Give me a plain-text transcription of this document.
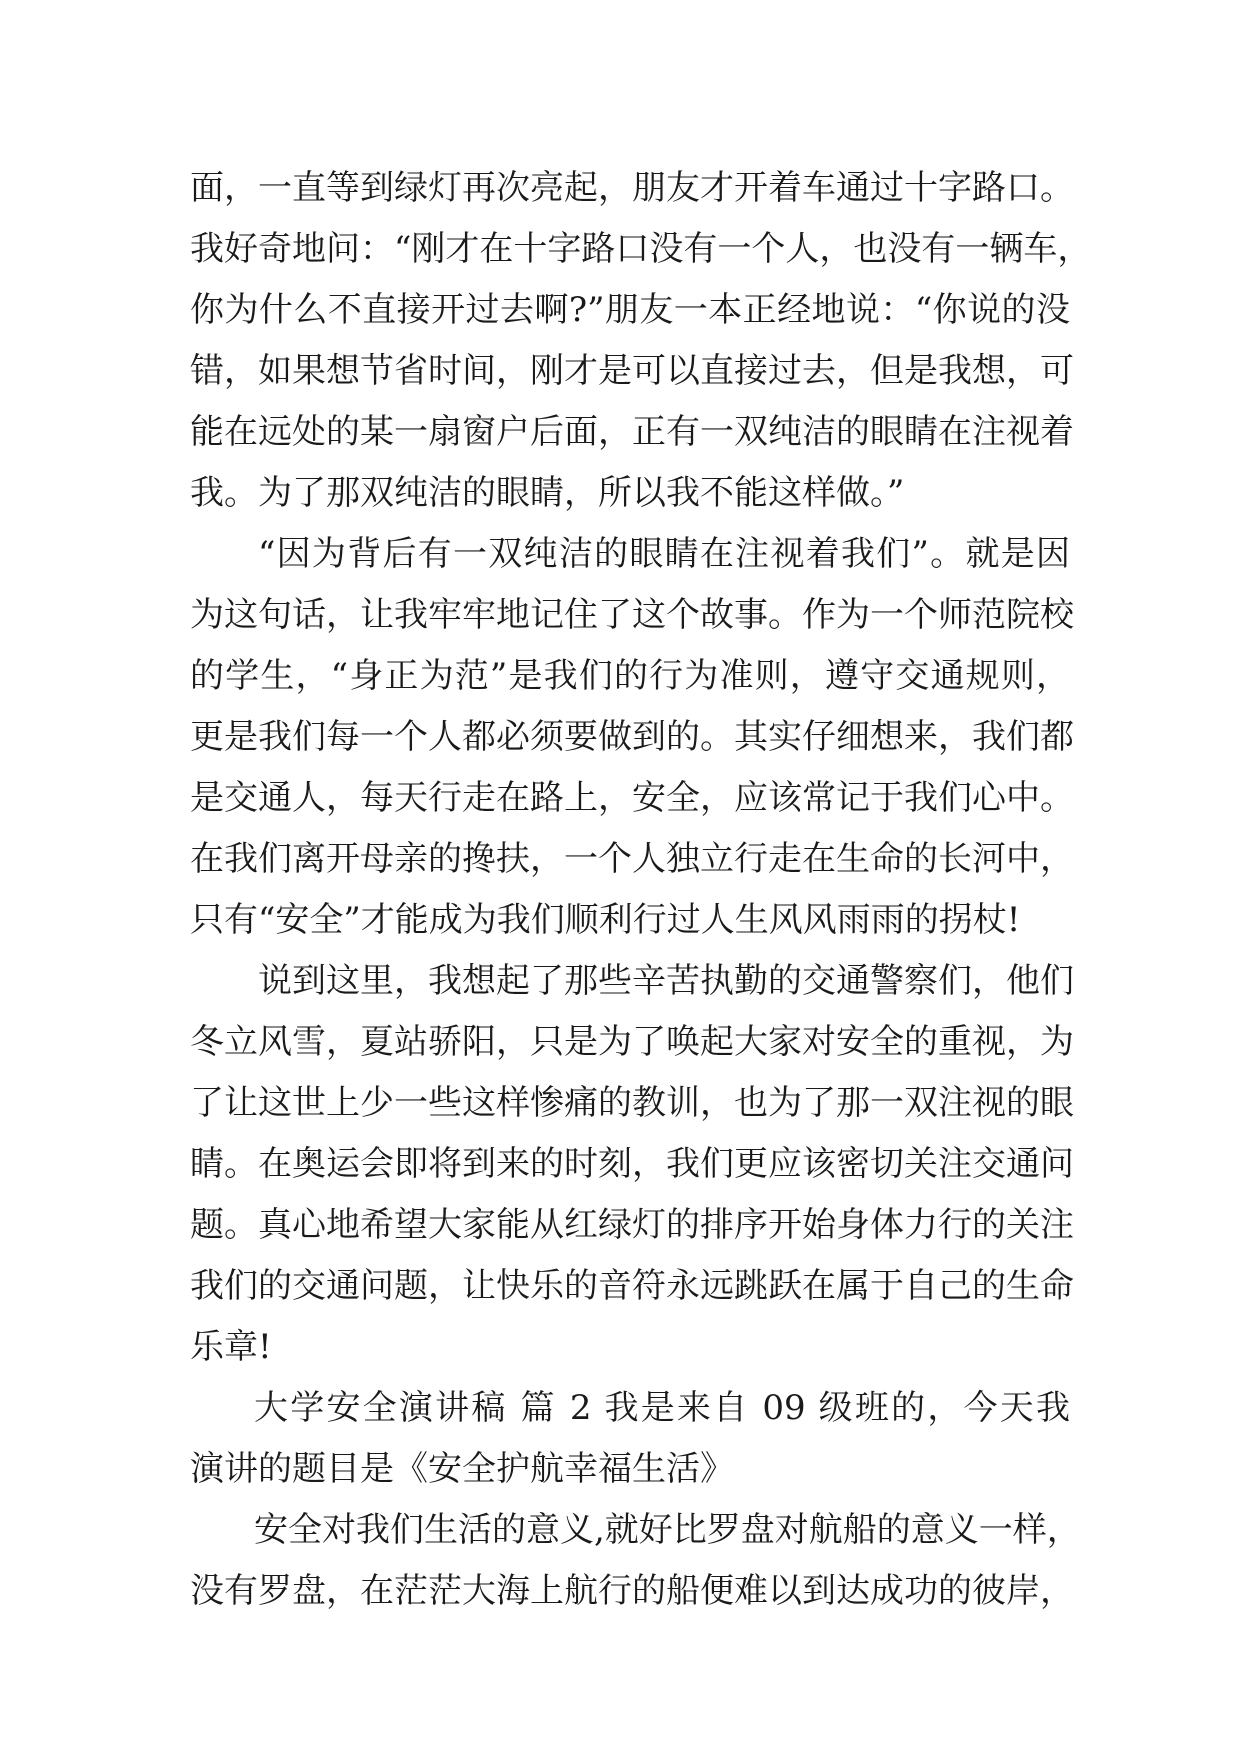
面，一直等到绿灯再次亮起，朋友才开着车通过十字路口。
我好奇地问：“刚才在十字路口没有一个人，也没有一辆车，
你为什么不直接开过去啊?”朋友一本正经地说：“你说的没
错，如果想节省时间，刚才是可以直接过去，但是我想，可
能在远处的某一扇窗户后面，正有一双纯洁的眼睛在注视着
我。为了那双纯洁的眼睛，所以我不能这样做。”
“因为背后有一双纯洁的眼睛在注视着我们”。就是因
为这句话，让我牢牢地记住了这个故事。作为一个师范院校
的学生，“身正为范”是我们的行为准则，遵守交通规则，
更是我们每一个人都必须要做到的。其实仔细想来，我们都
是交通人，每天行走在路上，安全，应该常记于我们心中。
在我们离开母亲的搀扶，一个人独立行走在生命的长河中，
只有“安全”才能成为我们顺利行过人生风风雨雨的拐杖!
说到这里，我想起了那些辛苦执勤的交通警察们，他们
冬立风雪，夏站骄阳，只是为了唤起大家对安全的重视，为
了让这世上少一些这样惨痛的教训，也为了那一双注视的眼
睛。在奥运会即将到来的时刻，我们更应该密切关注交通问
题。真心地希望大家能从红绿灯的排序开始身体力行的关注
我们的交通问题，让快乐的音符永远跳跃在属于自己的生命
乐章!
大学安全演讲稿 篇 2 我是来自 09 级班的，今天我
演讲的题目是《安全护航幸福生活》
安全对我们生活的意义,就好比罗盘对航船的意义一样，
没有罗盘，在茫茫大海上航行的船便难以到达成功的彼岸，
